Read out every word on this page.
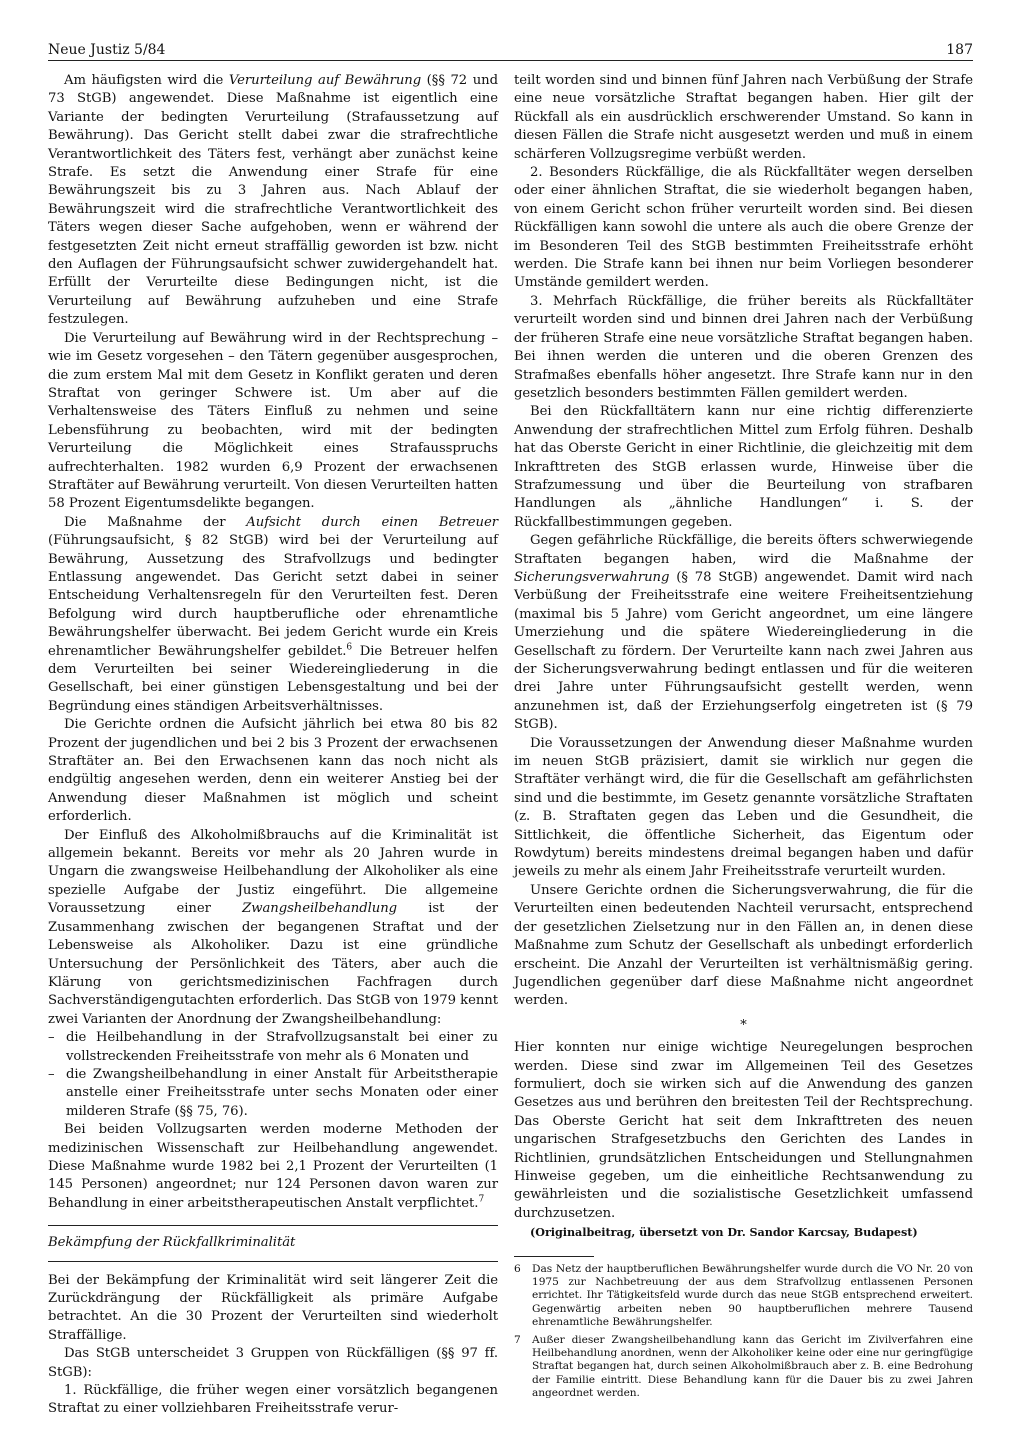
Neue Justiz 5/84	187

Am häufigsten wird die Verurteilung auf Bewährung (§§ 72 und 73 StGB) angewendet. Diese Maßnahme ist eigentlich eine Variante der bedingten Verurteilung (Strafaussetzung auf Bewährung). Das Gericht stellt dabei zwar die strafrechtliche Verantwortlichkeit des Täters fest, verhängt aber zunächst keine Strafe. Es setzt die Anwendung einer Strafe für eine Bewährungszeit bis zu 3 Jahren aus. Nach Ablauf der Bewährungszeit wird die strafrechtliche Verantwortlichkeit des Täters wegen dieser Sache aufgehoben, wenn er während der festgesetzten Zeit nicht erneut straffällig geworden ist bzw. nicht den Auflagen der Führungsaufsicht schwer zuwidergehandelt hat. Erfüllt der Verurteilte diese Bedingungen nicht, ist die Verurteilung auf Bewährung aufzuheben und eine Strafe festzulegen.

Die Verurteilung auf Bewährung wird in der Rechtsprechung – wie im Gesetz vorgesehen – den Tätern gegenüber ausgesprochen, die zum erstem Mal mit dem Gesetz in Konflikt geraten und deren Straftat von geringer Schwere ist. Um aber auf die Verhaltensweise des Täters Einfluß zu nehmen und seine Lebensführung zu beobachten, wird mit der bedingten Verurteilung die Möglichkeit eines Strafausspruchs aufrechterhalten. 1982 wurden 6,9 Prozent der erwachsenen Straftäter auf Bewährung verurteilt. Von diesen Verurteilten hatten 58 Prozent Eigentumsdelikte begangen.

Die Maßnahme der Aufsicht durch einen Betreuer (Führungsaufsicht, § 82 StGB) wird bei der Verurteilung auf Bewährung, Aussetzung des Strafvollzugs und bedingter Entlassung angewendet. Das Gericht setzt dabei in seiner Entscheidung Verhaltensregeln für den Verurteilten fest. Deren Befolgung wird durch hauptberufliche oder ehrenamtliche Bewährungshelfer überwacht. Bei jedem Gericht wurde ein Kreis ehrenamtlicher Bewährungshelfer gebildet.$^6$ Die Betreuer helfen dem Verurteilten bei seiner Wiedereingliederung in die Gesellschaft, bei einer günstigen Lebensgestaltung und bei der Begründung eines ständigen Arbeitsverhältnisses.

Die Gerichte ordnen die Aufsicht jährlich bei etwa 80 bis 82 Prozent der jugendlichen und bei 2 bis 3 Prozent der erwachsenen Straftäter an. Bei den Erwachsenen kann das noch nicht als endgültig angesehen werden, denn ein weiterer Anstieg bei der Anwendung dieser Maßnahmen ist möglich und scheint erforderlich.

Der Einfluß des Alkoholmißbrauchs auf die Kriminalität ist allgemein bekannt. Bereits vor mehr als 20 Jahren wurde in Ungarn die zwangsweise Heilbehandlung der Alkoholiker als eine spezielle Aufgabe der Justiz eingeführt. Die allgemeine Voraussetzung einer Zwangsheilbehandlung ist der Zusammenhang zwischen der begangenen Straftat und der Lebensweise als Alkoholiker. Dazu ist eine gründliche Untersuchung der Persönlichkeit des Täters, aber auch die Klärung von gerichtsmedizinischen Fachfragen durch Sachverständigengutachten erforderlich. Das StGB von 1979 kennt zwei Varianten der Anordnung der Zwangsheilbehandlung:

– die Heilbehandlung in der Strafvollzugsanstalt bei einer zu vollstreckenden Freiheitsstrafe von mehr als 6 Monaten und
– die Zwangsheilbehandlung in einer Anstalt für Arbeitstherapie anstelle einer Freiheitsstrafe unter sechs Monaten oder einer milderen Strafe (§§ 75, 76).

Bei beiden Vollzugsarten werden moderne Methoden der medizinischen Wissenschaft zur Heilbehandlung angewendet. Diese Maßnahme wurde 1982 bei 2,1 Prozent der Verurteilten (1 145 Personen) angeordnet; nur 124 Personen davon waren zur Behandlung in einer arbeitstherapeutischen Anstalt verpflichtet.$^7$

Bekämpfung der Rückfallkriminalität

Bei der Bekämpfung der Kriminalität wird seit längerer Zeit die Zurückdrängung der Rückfälligkeit als primäre Aufgabe betrachtet. An die 30 Prozent der Verurteilten sind wiederholt Straffällige.

Das StGB unterscheidet 3 Gruppen von Rückfälligen (§§ 97 ff. StGB):

1. Rückfällige, die früher wegen einer vorsätzlich begangenen Straftat zu einer vollziehbaren Freiheitsstrafe verur-

teilt worden sind und binnen fünf Jahren nach Verbüßung der Strafe eine neue vorsätzliche Straftat begangen haben. Hier gilt der Rückfall als ein ausdrücklich erschwerender Umstand. So kann in diesen Fällen die Strafe nicht ausgesetzt werden und muß in einem schärferen Vollzugsregime verbüßt werden.

2. Besonders Rückfällige, die als Rückfalltäter wegen derselben oder einer ähnlichen Straftat, die sie wiederholt begangen haben, von einem Gericht schon früher verurteilt worden sind. Bei diesen Rückfälligen kann sowohl die untere als auch die obere Grenze der im Besonderen Teil des StGB bestimmten Freiheitsstrafe erhöht werden. Die Strafe kann bei ihnen nur beim Vorliegen besonderer Umstände gemildert werden.

3. Mehrfach Rückfällige, die früher bereits als Rückfalltäter verurteilt worden sind und binnen drei Jahren nach der Verbüßung der früheren Strafe eine neue vorsätzliche Straftat begangen haben. Bei ihnen werden die unteren und die oberen Grenzen des Strafmaßes ebenfalls höher angesetzt. Ihre Strafe kann nur in den gesetzlich besonders bestimmten Fällen gemildert werden.

Bei den Rückfalltätern kann nur eine richtig differenzierte Anwendung der strafrechtlichen Mittel zum Erfolg führen. Deshalb hat das Oberste Gericht in einer Richtlinie, die gleichzeitig mit dem Inkrafttreten des StGB erlassen wurde, Hinweise über die Strafzumessung und über die Beurteilung von strafbaren Handlungen als „ähnliche Handlungen“ i. S. der Rückfallbestimmungen gegeben.

Gegen gefährliche Rückfällige, die bereits öfters schwerwiegende Straftaten begangen haben, wird die Maßnahme der Sicherungsverwahrung (§ 78 StGB) angewendet. Damit wird nach Verbüßung der Freiheitsstrafe eine weitere Freiheitsentziehung (maximal bis 5 Jahre) vom Gericht angeordnet, um eine längere Umerziehung und die spätere Wiedereingliederung in die Gesellschaft zu fördern. Der Verurteilte kann nach zwei Jahren aus der Sicherungsverwahrung bedingt entlassen und für die weiteren drei Jahre unter Führungsaufsicht gestellt werden, wenn anzunehmen ist, daß der Erziehungserfolg eingetreten ist (§ 79 StGB).

Die Voraussetzungen der Anwendung dieser Maßnahme wurden im neuen StGB präzisiert, damit sie wirklich nur gegen die Straftäter verhängt wird, die für die Gesellschaft am gefährlichsten sind und die bestimmte, im Gesetz genannte vorsätzliche Straftaten (z. B. Straftaten gegen das Leben und die Gesundheit, die Sittlichkeit, die öffentliche Sicherheit, das Eigentum oder Rowdytum) bereits mindestens dreimal begangen haben und dafür jeweils zu mehr als einem Jahr Freiheitsstrafe verurteilt wurden.

Unsere Gerichte ordnen die Sicherungsverwahrung, die für die Verurteilten einen bedeutenden Nachteil verursacht, entsprechend der gesetzlichen Zielsetzung nur in den Fällen an, in denen diese Maßnahme zum Schutz der Gesellschaft als unbedingt erforderlich erscheint. Die Anzahl der Verurteilten ist verhältnismäßig gering. Jugendlichen gegenüber darf diese Maßnahme nicht angeordnet werden.

*

Hier konnten nur einige wichtige Neuregelungen besprochen werden. Diese sind zwar im Allgemeinen Teil des Gesetzes formuliert, doch sie wirken sich auf die Anwendung des ganzen Gesetzes aus und berühren den breitesten Teil der Rechtsprechung. Das Oberste Gericht hat seit dem Inkrafttreten des neuen ungarischen Strafgesetzbuchs den Gerichten des Landes in Richtlinien, grundsätzlichen Entscheidungen und Stellungnahmen Hinweise gegeben, um die einheitliche Rechtsanwendung zu gewährleisten und die sozialistische Gesetzlichkeit umfassend durchzusetzen.

(Originalbeitrag, übersetzt von Dr. Sandor Karcsay, Budapest)

6	Das Netz der hauptberuflichen Bewährungshelfer wurde durch die VO Nr. 20 von 1975 zur Nachbetreuung der aus dem Strafvollzug entlassenen Personen errichtet. Ihr Tätigkeitsfeld wurde durch das neue StGB entsprechend erweitert. Gegenwärtig arbeiten neben 90 hauptberuflichen mehrere Tausend ehrenamtliche Bewährungshelfer.
7	Außer dieser Zwangsheilbehandlung kann das Gericht im Zivilverfahren eine Heilbehandlung anordnen, wenn der Alkoholiker keine oder eine nur geringfügige Straftat begangen hat, durch seinen Alkoholmißbrauch aber z. B. eine Bedrohung der Familie eintritt. Diese Behandlung kann für die Dauer bis zu zwei Jahren angeordnet werden.
